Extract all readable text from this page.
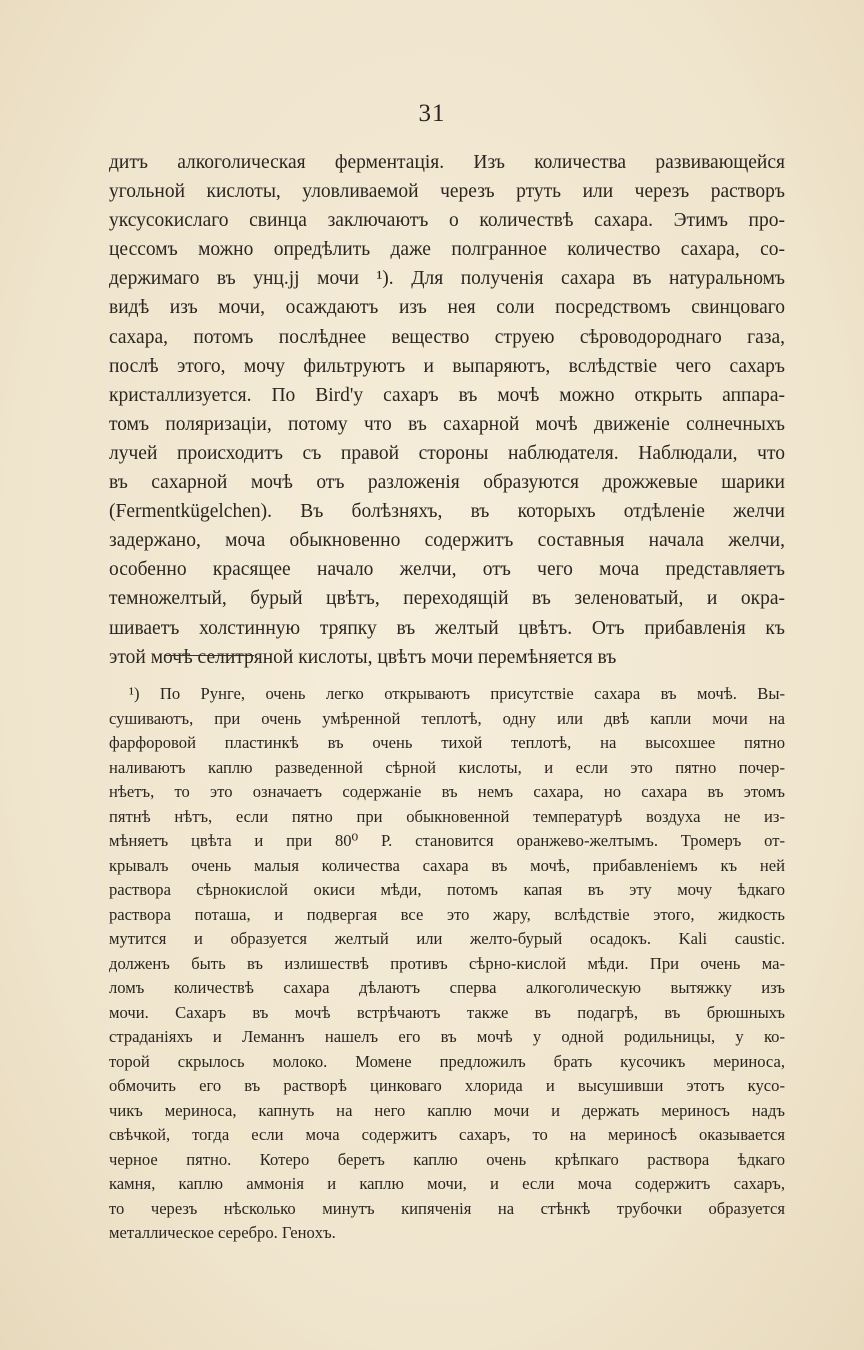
31
дитъ алкоголическая ферментація. Изъ количества развивающейся
угольной кислоты, уловливаемой черезъ ртуть или черезъ растворъ
уксусокислаго свинца заключаютъ о количествѣ сахара. Этимъ про-
цессомъ можно опредѣлить даже полгранное количество сахара, со-
держимаго въ унц.јј мочи ¹). Для полученія сахара въ натуральномъ
видѣ изъ мочи, осаждаютъ изъ нея соли посредствомъ свинцоваго
сахара, потомъ послѣднее вещество струею сѣроводороднаго газа,
послѣ этого, мочу фильтруютъ и выпаряютъ, вслѣдствіе чего сахаръ
кристаллизуется. По Bird'у сахаръ въ мочѣ можно открыть аппара-
томъ поляризаціи, потому что въ сахарной мочѣ движеніе солнечныхъ
лучей происходитъ съ правой стороны наблюдателя. Наблюдали, что
въ сахарной мочѣ отъ разложенія образуются дрожжевые шарики
(Fermentkügelchen). Въ болѣзняхъ, въ которыхъ отдѣленіе желчи
задержано, моча обыкновенно содержитъ составныя начала желчи,
особенно красящее начало желчи, отъ чего моча представляетъ
темножелтый, бурый цвѣтъ, переходящій въ зеленоватый, и окра-
шиваетъ холстинную тряпку въ желтый цвѣтъ. Отъ прибавленія къ
этой мочѣ селитряной кислоты, цвѣтъ мочи перемѣняется въ
¹) По Рунге, очень легко открываютъ присутствіе сахара въ мочѣ. Вы-
сушиваютъ, при очень умѣренной теплотѣ, одну или двѣ капли мочи на
фарфоровой пластинкѣ въ очень тихой теплотѣ, на высохшее пятно
наливаютъ каплю разведенной сѣрной кислоты, и если это пятно почер-
нѣетъ, то это означаетъ содержаніе въ немъ сахара, но сахара въ этомъ
пятнѣ нѣтъ, если пятно при обыкновенной температурѣ воздуха не из-
мѣняетъ цвѣта и при 80⁰ Р. становится оранжево-желтымъ. Тромеръ от-
крывалъ очень малыя количества сахара въ мочѣ, прибавленіемъ къ ней
раствора сѣрнокислой окиси мѣди, потомъ капая въ эту мочу ѣдкаго
раствора поташа, и подвергая все это жару, вслѣдствіе этого, жидкость
мутится и образуется желтый или желто-бурый осадокъ. Kali caustic.
долженъ быть въ излишествѣ противъ сѣрно-кислой мѣди. При очень ма-
ломъ количествѣ сахара дѣлаютъ сперва алкоголическую вытяжку изъ
мочи. Сахаръ въ мочѣ встрѣчаютъ также въ подагрѣ, въ брюшныхъ
страданіяхъ и Леманнъ нашелъ его въ мочѣ у одной родильницы, у ко-
торой скрылось молоко. Момене предложилъ брать кусочикъ мериноса,
обмочить его въ растворѣ цинковаго хлорида и высушивши этотъ кусо-
чикъ мериноса, капнуть на него каплю мочи и держать мериносъ надъ
свѣчкой, тогда если моча содержитъ сахаръ, то на мериносѣ оказывается
черное пятно. Котеро беретъ каплю очень крѣпкаго раствора ѣдкаго
камня, каплю аммонія и каплю мочи, и если моча содержитъ сахаръ,
то черезъ нѣсколько минутъ кипяченія на стѣнкѣ трубочки образуется
металлическое серебро. Геноxъ.
